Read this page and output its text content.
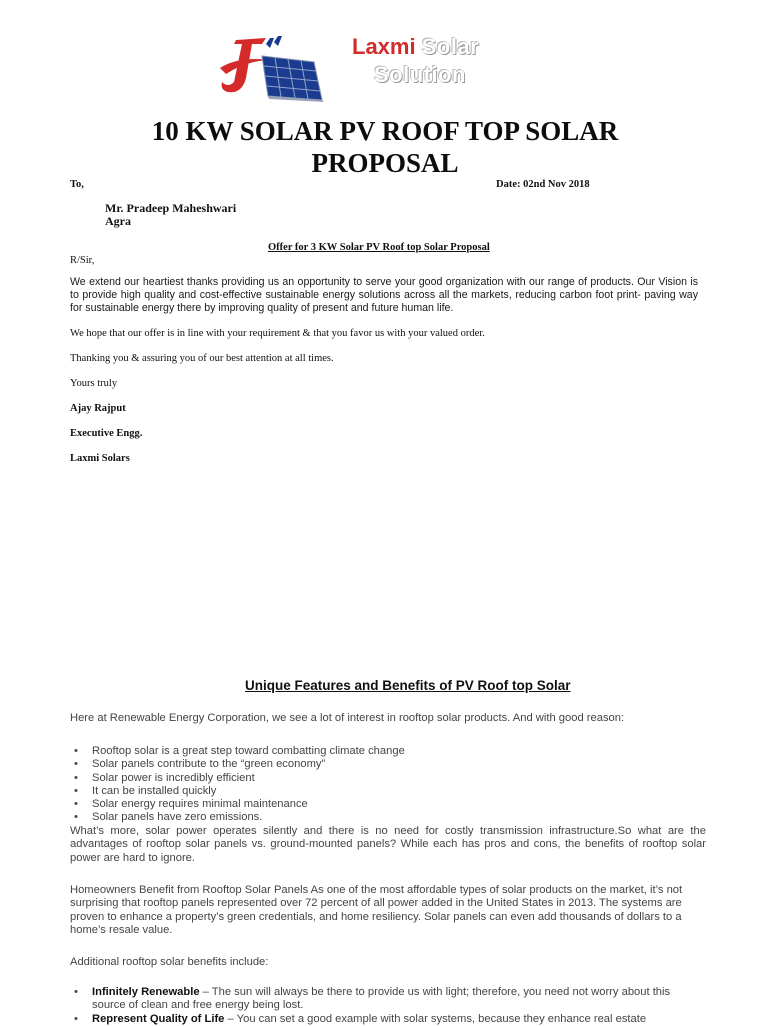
Laxmi Solar
Solution
10 KW SOLAR PV ROOF TOP SOLAR
PROPOSAL
To,	Date: 02nd Nov 2018
Mr. Pradeep Maheshwari
Agra
Offer for 3 KW Solar PV Roof top Solar Proposal
R/Sir,
We extend our heartiest thanks providing us an opportunity to serve your good organization with our range of products. Our Vision is to provide high quality and cost-effective sustainable energy solutions across all the markets, reducing carbon foot print- paving way for sustainable energy there by improving quality of present and future human life.
We hope that our offer is in line with your requirement & that you favor us with your valued order.
Thanking you & assuring you of our best attention at all times.
Yours truly
Ajay Rajput
Executive Engg.
Laxmi Solars
Unique Features and Benefits of PV Roof top Solar
Here at Renewable Energy Corporation, we see a lot of interest in rooftop solar products. And with good reason:
• Rooftop solar is a great step toward combatting climate change
• Solar panels contribute to the “green economy”
• Solar power is incredibly efficient
• It can be installed quickly
• Solar energy requires minimal maintenance
• Solar panels have zero emissions.
What’s more, solar power operates silently and there is no need for costly transmission infrastructure.So what are the advantages of rooftop solar panels vs. ground-mounted panels? While each has pros and cons, the benefits of rooftop solar power are hard to ignore.
Homeowners Benefit from Rooftop Solar Panels As one of the most affordable types of solar products on the market, it’s not surprising that rooftop panels represented over 72 percent of all power added in the United States in 2013. The systems are proven to enhance a property’s green credentials, and home resiliency. Solar panels can even add thousands of dollars to a home’s resale value.
Additional rooftop solar benefits include:
• Infinitely Renewable – The sun will always be there to provide us with light; therefore, you need not worry about this source of clean and free energy being lost.
• Represent Quality of Life – You can set a good example with solar systems, because they enhance real estate
